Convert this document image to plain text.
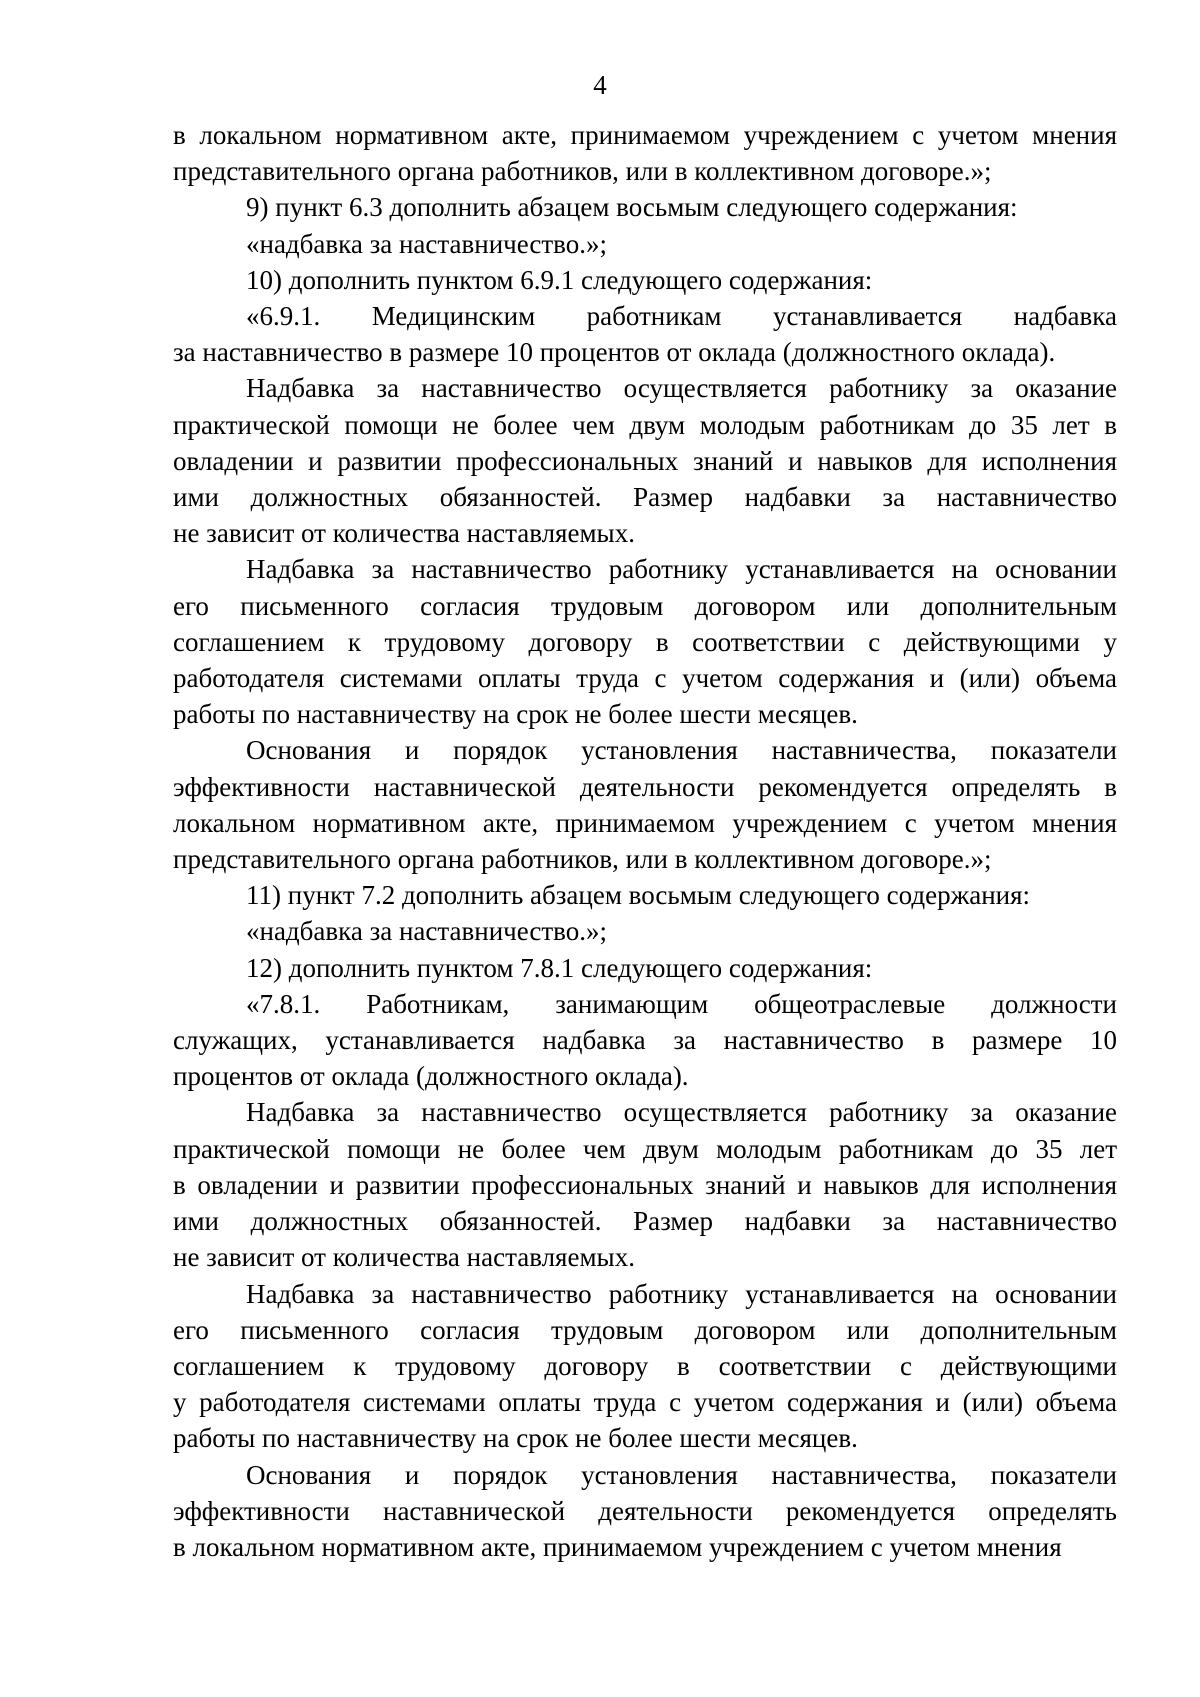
4
в локальном нормативном акте, принимаемом учреждением с учетом мнения
представительного органа работников, или в коллективном договоре.»;
9) пункт 6.3 дополнить абзацем восьмым следующего содержания:
«надбавка за наставничество.»;
10) дополнить пунктом 6.9.1 следующего содержания:
«6.9.1. Медицинским работникам устанавливается надбавка
за наставничество в размере 10 процентов от оклада (должностного оклада).
Надбавка за наставничество осуществляется работнику за оказание
практической помощи не более чем двум молодым работникам до 35 лет в
овладении и развитии профессиональных знаний и навыков для исполнения
ими должностных обязанностей. Размер надбавки за наставничество
не зависит от количества наставляемых.
Надбавка за наставничество работнику устанавливается на основании
его письменного согласия трудовым договором или дополнительным
соглашением к трудовому договору в соответствии с действующими у
работодателя системами оплаты труда с учетом содержания и (или) объема
работы по наставничеству на срок не более шести месяцев.
Основания и порядок установления наставничества, показатели
эффективности наставнической деятельности рекомендуется определять в
локальном нормативном акте, принимаемом учреждением с учетом мнения
представительного органа работников, или в коллективном договоре.»;
11) пункт 7.2 дополнить абзацем восьмым следующего содержания:
«надбавка за наставничество.»;
12) дополнить пунктом 7.8.1 следующего содержания:
«7.8.1. Работникам, занимающим общеотраслевые должности
служащих, устанавливается надбавка за наставничество в размере 10
процентов от оклада (должностного оклада).
Надбавка за наставничество осуществляется работнику за оказание
практической помощи не более чем двум молодым работникам до 35 лет
в овладении и развитии профессиональных знаний и навыков для исполнения
ими должностных обязанностей. Размер надбавки за наставничество
не зависит от количества наставляемых.
Надбавка за наставничество работнику устанавливается на основании
его письменного согласия трудовым договором или дополнительным
соглашением к трудовому договору в соответствии с действующими
у работодателя системами оплаты труда с учетом содержания и (или) объема
работы по наставничеству на срок не более шести месяцев.
Основания и порядок установления наставничества, показатели
эффективности наставнической деятельности рекомендуется определять
в локальном нормативном акте, принимаемом учреждением с учетом мнения
